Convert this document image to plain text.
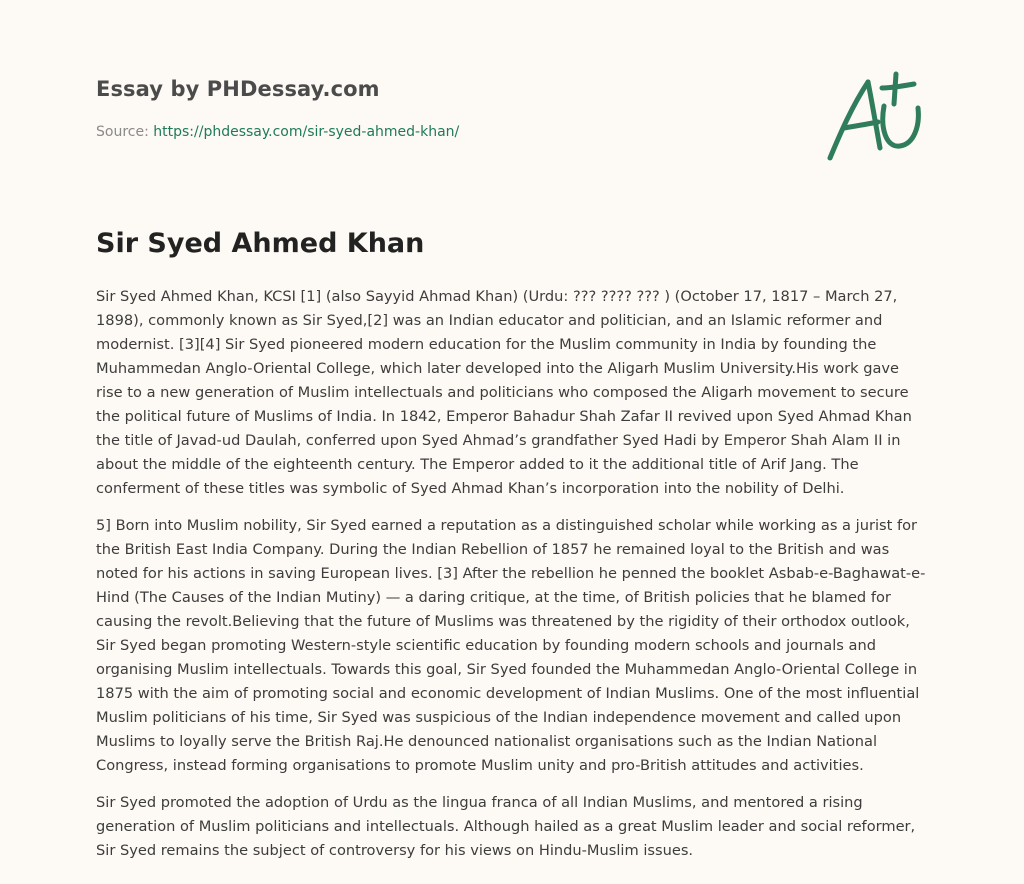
Essay by PHDessay.com
Source: https://phdessay.com/sir-syed-ahmed-khan/
Sir Syed Ahmed Khan

Sir Syed Ahmed Khan, KCSI [1] (also Sayyid Ahmad Khan) (Urdu: ??? ???? ??? ) (October 17, 1817 – March 27, 1898), commonly known as Sir Syed,[2] was an Indian educator and politician, and an Islamic reformer and modernist. [3][4] Sir Syed pioneered modern education for the Muslim community in India by founding the Muhammedan Anglo-Oriental College, which later developed into the Aligarh Muslim University.His work gave rise to a new generation of Muslim intellectuals and politicians who composed the Aligarh movement to secure the political future of Muslims of India. In 1842, Emperor Bahadur Shah Zafar II revived upon Syed Ahmad Khan the title of Javad-ud Daulah, conferred upon Syed Ahmad’s grandfather Syed Hadi by Emperor Shah Alam II in about the middle of the eighteenth century. The Emperor added to it the additional title of Arif Jang. The conferment of these titles was symbolic of Syed Ahmad Khan’s incorporation into the nobility of Delhi.

5] Born into Muslim nobility, Sir Syed earned a reputation as a distinguished scholar while working as a jurist for the British East India Company. During the Indian Rebellion of 1857 he remained loyal to the British and was noted for his actions in saving European lives. [3] After the rebellion he penned the booklet Asbab-e-Baghawat-e-Hind (The Causes of the Indian Mutiny) — a daring critique, at the time, of British policies that he blamed for causing the revolt.Believing that the future of Muslims was threatened by the rigidity of their orthodox outlook, Sir Syed began promoting Western-style scientific education by founding modern schools and journals and organising Muslim intellectuals. Towards this goal, Sir Syed founded the Muhammedan Anglo-Oriental College in 1875 with the aim of promoting social and economic development of Indian Muslims. One of the most influential Muslim politicians of his time, Sir Syed was suspicious of the Indian independence movement and called upon Muslims to loyally serve the British Raj.He denounced nationalist organisations such as the Indian National Congress, instead forming organisations to promote Muslim unity and pro-British attitudes and activities.

Sir Syed promoted the adoption of Urdu as the lingua franca of all Indian Muslims, and mentored a rising generation of Muslim politicians and intellectuals. Although hailed as a great Muslim leader and social reformer, Sir Syed remains the subject of controversy for his views on Hindu-Muslim issues.
